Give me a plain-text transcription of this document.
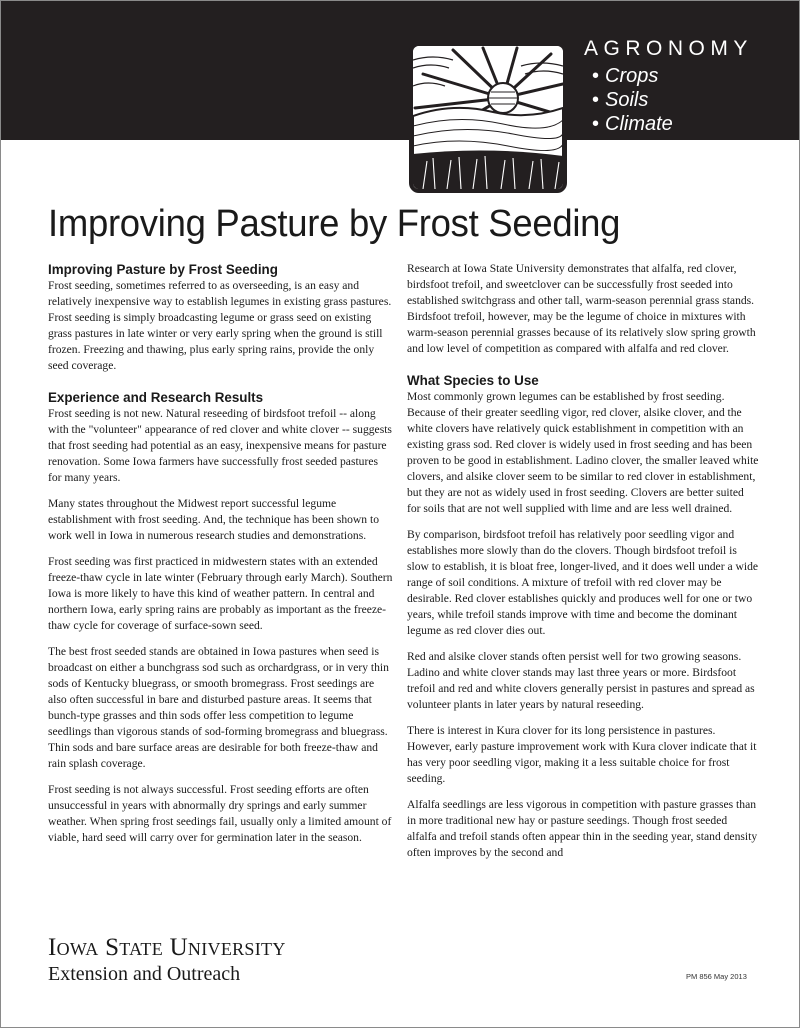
AGRONOMY
• Crops
• Soils
• Climate
Improving Pasture by Frost Seeding
Improving Pasture by Frost Seeding

Frost seeding, sometimes referred to as overseeding, is an easy and relatively inexpensive way to establish legumes in existing grass pastures. Frost seeding is simply broadcasting legume or grass seed on existing grass pastures in late winter or very early spring when the ground is still frozen. Freezing and thawing, plus early spring rains, provide the only seed coverage.

Experience and Research Results

Frost seeding is not new. Natural reseeding of birdsfoot trefoil -- along with the "volunteer" appearance of red clover and white clover -- suggests that frost seeding had potential as an easy, inexpensive means for pasture renovation. Some Iowa farmers have successfully frost seeded pastures for many years.

Many states throughout the Midwest report successful legume establishment with frost seeding. And, the technique has been shown to work well in Iowa in numerous research studies and demonstrations.

Frost seeding was first practiced in midwestern states with an extended freeze-thaw cycle in late winter (February through early March). Southern Iowa is more likely to have this kind of weather pattern. In central and northern Iowa, early spring rains are probably as important as the freeze-thaw cycle for coverage of surface-sown seed.

The best frost seeded stands are obtained in Iowa pastures when seed is broadcast on either a bunchgrass sod such as orchardgrass, or in very thin sods of Kentucky bluegrass, or smooth bromegrass. Frost seedings are also often successful in bare and disturbed pasture areas. It seems that bunch-type grasses and thin sods offer less competition to legume seedlings than vigorous stands of sod-forming bromegrass and bluegrass. Thin sods and bare surface areas are desirable for both freeze-thaw and rain splash coverage.

Frost seeding is not always successful. Frost seeding efforts are often unsuccessful in years with abnormally dry springs and early summer weather. When spring frost seedings fail, usually only a limited amount of viable, hard seed will carry over for germination later in the season.

Research at Iowa State University demonstrates that alfalfa, red clover, birdsfoot trefoil, and sweetclover can be successfully frost seeded into established switchgrass and other tall, warm-season perennial grass stands. Birdsfoot trefoil, however, may be the legume of choice in mixtures with warm-season perennial grasses because of its relatively slow spring growth and low level of competition as compared with alfalfa and red clover.

What Species to Use

Most commonly grown legumes can be established by frost seeding. Because of their greater seedling vigor, red clover, alsike clover, and the white clovers have relatively quick establishment in competition with an existing grass sod. Red clover is widely used in frost seeding and has been proven to be good in establishment. Ladino clover, the smaller leaved white clovers, and alsike clover seem to be similar to red clover in establishment, but they are not as widely used in frost seeding. Clovers are better suited for soils that are not well supplied with lime and are less well drained.

By comparison, birdsfoot trefoil has relatively poor seedling vigor and establishes more slowly than do the clovers. Though birdsfoot trefoil is slow to establish, it is bloat free, longer-lived, and it does well under a wide range of soil conditions. A mixture of trefoil with red clover may be desirable. Red clover establishes quickly and produces well for one or two years, while trefoil stands improve with time and become the dominant legume as red clover dies out.

Red and alsike clover stands often persist well for two growing seasons. Ladino and white clover stands may last three years or more. Birdsfoot trefoil and red and white clovers generally persist in pastures and spread as volunteer plants in later years by natural reseeding.

There is interest in Kura clover for its long persistence in pastures. However, early pasture improvement work with Kura clover indicate that it has very poor seedling vigor, making it a less suitable choice for frost seeding.

Alfalfa seedlings are less vigorous in competition with pasture grasses than in more traditional new hay or pasture seedings. Though frost seeded alfalfa and trefoil stands often appear thin in the seeding year, stand density often improves by the second and

Iowa State University
Extension and Outreach	PM 856 May 2013
